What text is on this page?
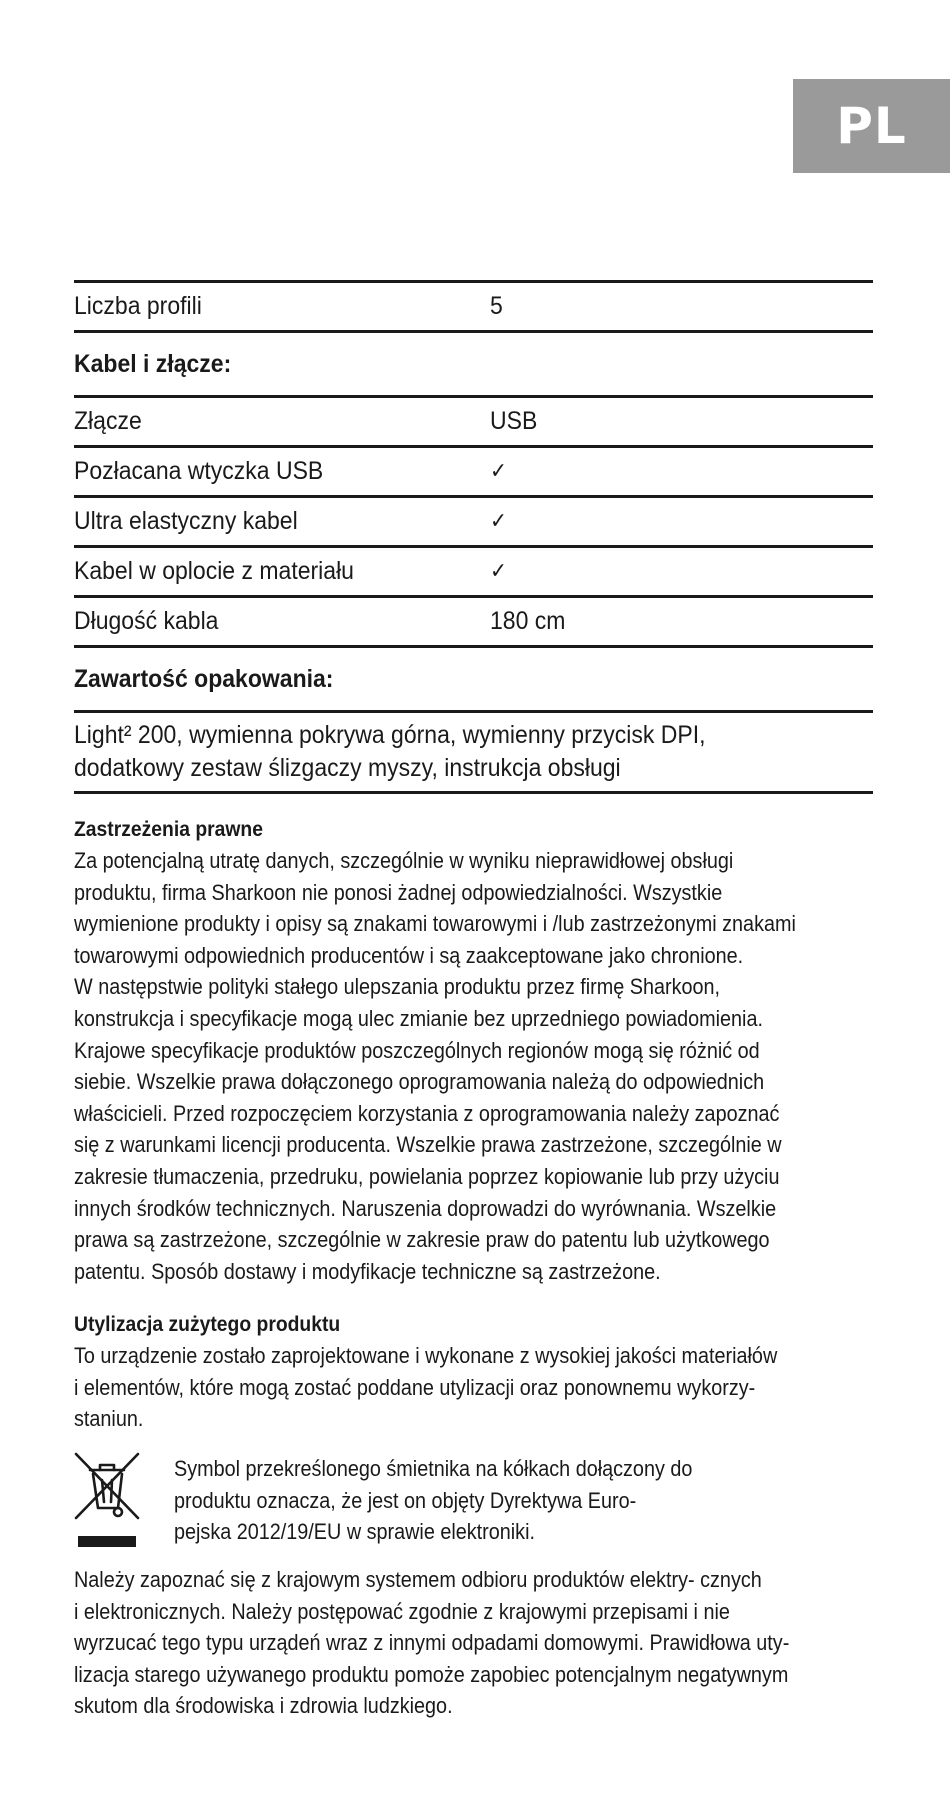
PL
Liczba profili	5
Kabel i złącze:
Złącze	USB
Pozłacana wtyczka USB	✓
Ultra elastyczny kabel	✓
Kabel w oplocie z materiału	✓
Długość kabla	180 cm
Zawartość opakowania:
Light² 200, wymienna pokrywa górna, wymienny przycisk DPI,
dodatkowy zestaw ślizgaczy myszy, instrukcja obsługi
Zastrzeżenia prawne
Za potencjalną utratę danych, szczególnie w wyniku nieprawidłowej obsługi
produktu, firma Sharkoon nie ponosi żadnej odpowiedzialności. Wszystkie
wymienione produkty i opisy są znakami towarowymi i /lub zastrzeżonymi znakami
towarowymi odpowiednich producentów i są zaakceptowane jako chronione.
W następstwie polityki stałego ulepszania produktu przez firmę Sharkoon,
konstrukcja i specyfikacje mogą ulec zmianie bez uprzedniego powiadomienia.
Krajowe specyfikacje produktów poszczególnych regionów mogą się różnić od
siebie. Wszelkie prawa dołączonego oprogramowania należą do odpowiednich
właścicieli. Przed rozpoczęciem korzystania z oprogramowania należy zapoznać
się z warunkami licencji producenta. Wszelkie prawa zastrzeżone, szczególnie w
zakresie tłumaczenia, przedruku, powielania poprzez kopiowanie lub przy użyciu
innych środków technicznych. Naruszenia doprowadzi do wyrównania. Wszelkie
prawa są zastrzeżone, szczególnie w zakresie praw do patentu lub użytkowego
patentu. Sposób dostawy i modyfikacje techniczne są zastrzeżone.
Utylizacja zużytego produktu
To urządzenie zostało zaprojektowane i wykonane z wysokiej jakości materiałów
i elementów, które mogą zostać poddane utylizacji oraz ponownemu wykorzy-
staniun.
Symbol przekreślonego śmietnika na kółkach dołączony do
produktu oznacza, że jest on objęty Dyrektywa Euro-
pejska 2012/19/EU w sprawie elektroniki.
Należy zapoznać się z krajowym systemem odbioru produktów elektry- cznych
i elektronicznych. Należy postępować zgodnie z krajowymi przepisami i nie
wyrzucać tego typu urządeń wraz z innymi odpadami domowymi. Prawidłowa uty-
lizacja starego używanego produktu pomoże zapobiec potencjalnym negatywnym
skutom dla środowiska i zdrowia ludzkiego.
